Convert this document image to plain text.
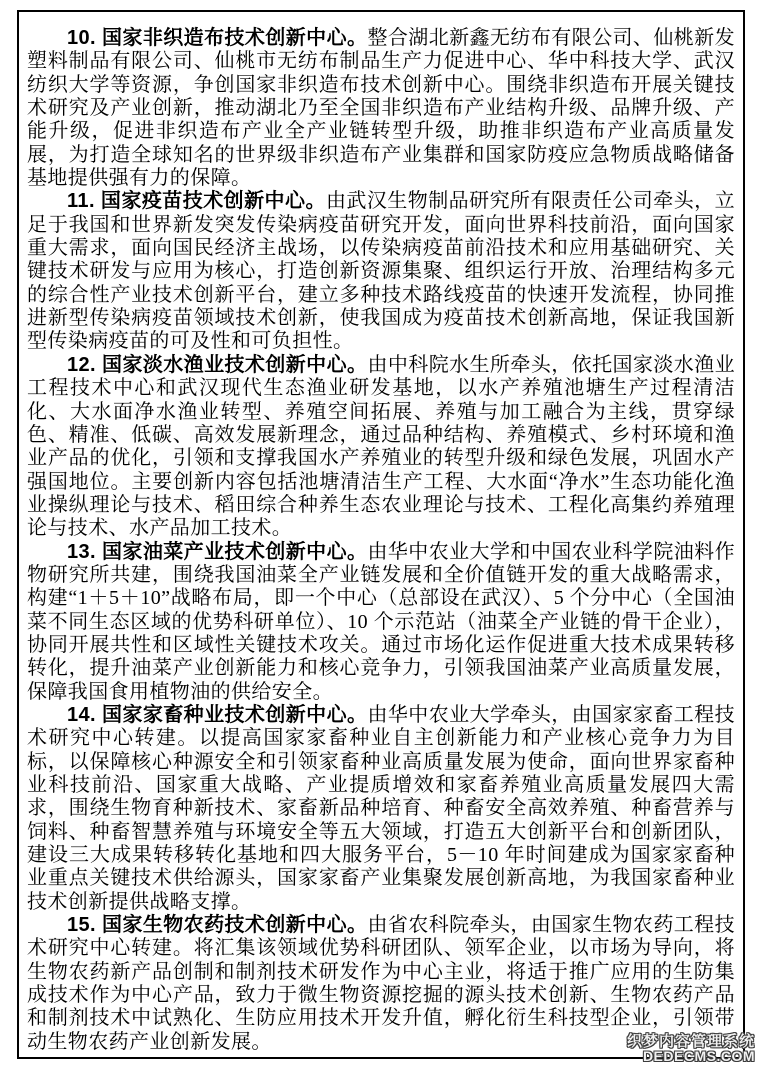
10. 国家非织造布技术创新中心。整合湖北新鑫无纺布有限公司、仙桃新发塑料制品有限公司、仙桃市无纺布制品生产力促进中心、华中科技大学、武汉纺织大学等资源，争创国家非织造布技术创新中心。围绕非织造布开展关键技术研究及产业创新，推动湖北乃至全国非织造布产业结构升级、品牌升级、产能升级，促进非织造布产业全产业链转型升级，助推非织造布产业高质量发展，为打造全球知名的世界级非织造布产业集群和国家防疫应急物质战略储备基地提供强有力的保障。

11. 国家疫苗技术创新中心。由武汉生物制品研究所有限责任公司牵头，立足于我国和世界新发突发传染病疫苗研究开发，面向世界科技前沿，面向国家重大需求，面向国民经济主战场，以传染病疫苗前沿技术和应用基础研究、关键技术研发与应用为核心，打造创新资源集聚、组织运行开放、治理结构多元的综合性产业技术创新平台，建立多种技术路线疫苗的快速开发流程，协同推进新型传染病疫苗领域技术创新，使我国成为疫苗技术创新高地，保证我国新型传染病疫苗的可及性和可负担性。

12. 国家淡水渔业技术创新中心。由中科院水生所牵头，依托国家淡水渔业工程技术中心和武汉现代生态渔业研发基地，以水产养殖池塘生产过程清洁化、大水面净水渔业转型、养殖空间拓展、养殖与加工融合为主线，贯穿绿色、精准、低碳、高效发展新理念，通过品种结构、养殖模式、乡村环境和渔业产品的优化，引领和支撑我国水产养殖业的转型升级和绿色发展，巩固水产强国地位。主要创新内容包括池塘清洁生产工程、大水面“净水”生态功能化渔业操纵理论与技术、稻田综合种养生态农业理论与技术、工程化高集约养殖理论与技术、水产品加工技术。

13. 国家油菜产业技术创新中心。由华中农业大学和中国农业科学院油料作物研究所共建，围绕我国油菜全产业链发展和全价值链开发的重大战略需求，构建“1＋5＋10”战略布局，即一个中心（总部设在武汉）、5 个分中心（全国油菜不同生态区域的优势科研单位）、10 个示范站（油菜全产业链的骨干企业），协同开展共性和区域性关键技术攻关。通过市场化运作促进重大技术成果转移转化，提升油菜产业创新能力和核心竞争力，引领我国油菜产业高质量发展，保障我国食用植物油的供给安全。

14. 国家家畜种业技术创新中心。由华中农业大学牵头，由国家家畜工程技术研究中心转建。以提高国家家畜种业自主创新能力和产业核心竞争力为目标，以保障核心种源安全和引领家畜种业高质量发展为使命，面向世界家畜种业科技前沿、国家重大战略、产业提质增效和家畜养殖业高质量发展四大需求，围绕生物育种新技术、家畜新品种培育、种畜安全高效养殖、种畜营养与饲料、种畜智慧养殖与环境安全等五大领域，打造五大创新平台和创新团队，建设三大成果转移转化基地和四大服务平台，5－10 年时间建成为国家家畜种业重点关键技术供给源头，国家家畜产业集聚发展创新高地，为我国家畜种业技术创新提供战略支撑。

15. 国家生物农药技术创新中心。由省农科院牵头，由国家生物农药工程技术研究中心转建。将汇集该领域优势科研团队、领军企业，以市场为导向，将生物农药新产品创制和制剂技术研发作为中心主业，将适于推广应用的生防集成技术作为中心产品，致力于微生物资源挖掘的源头技术创新、生物农药产品和制剂技术中试熟化、生防应用技术开发升值，孵化衍生科技型企业，引领带动生物农药产业创新发展。	织梦内容管理系统
DEDECMS.COM
